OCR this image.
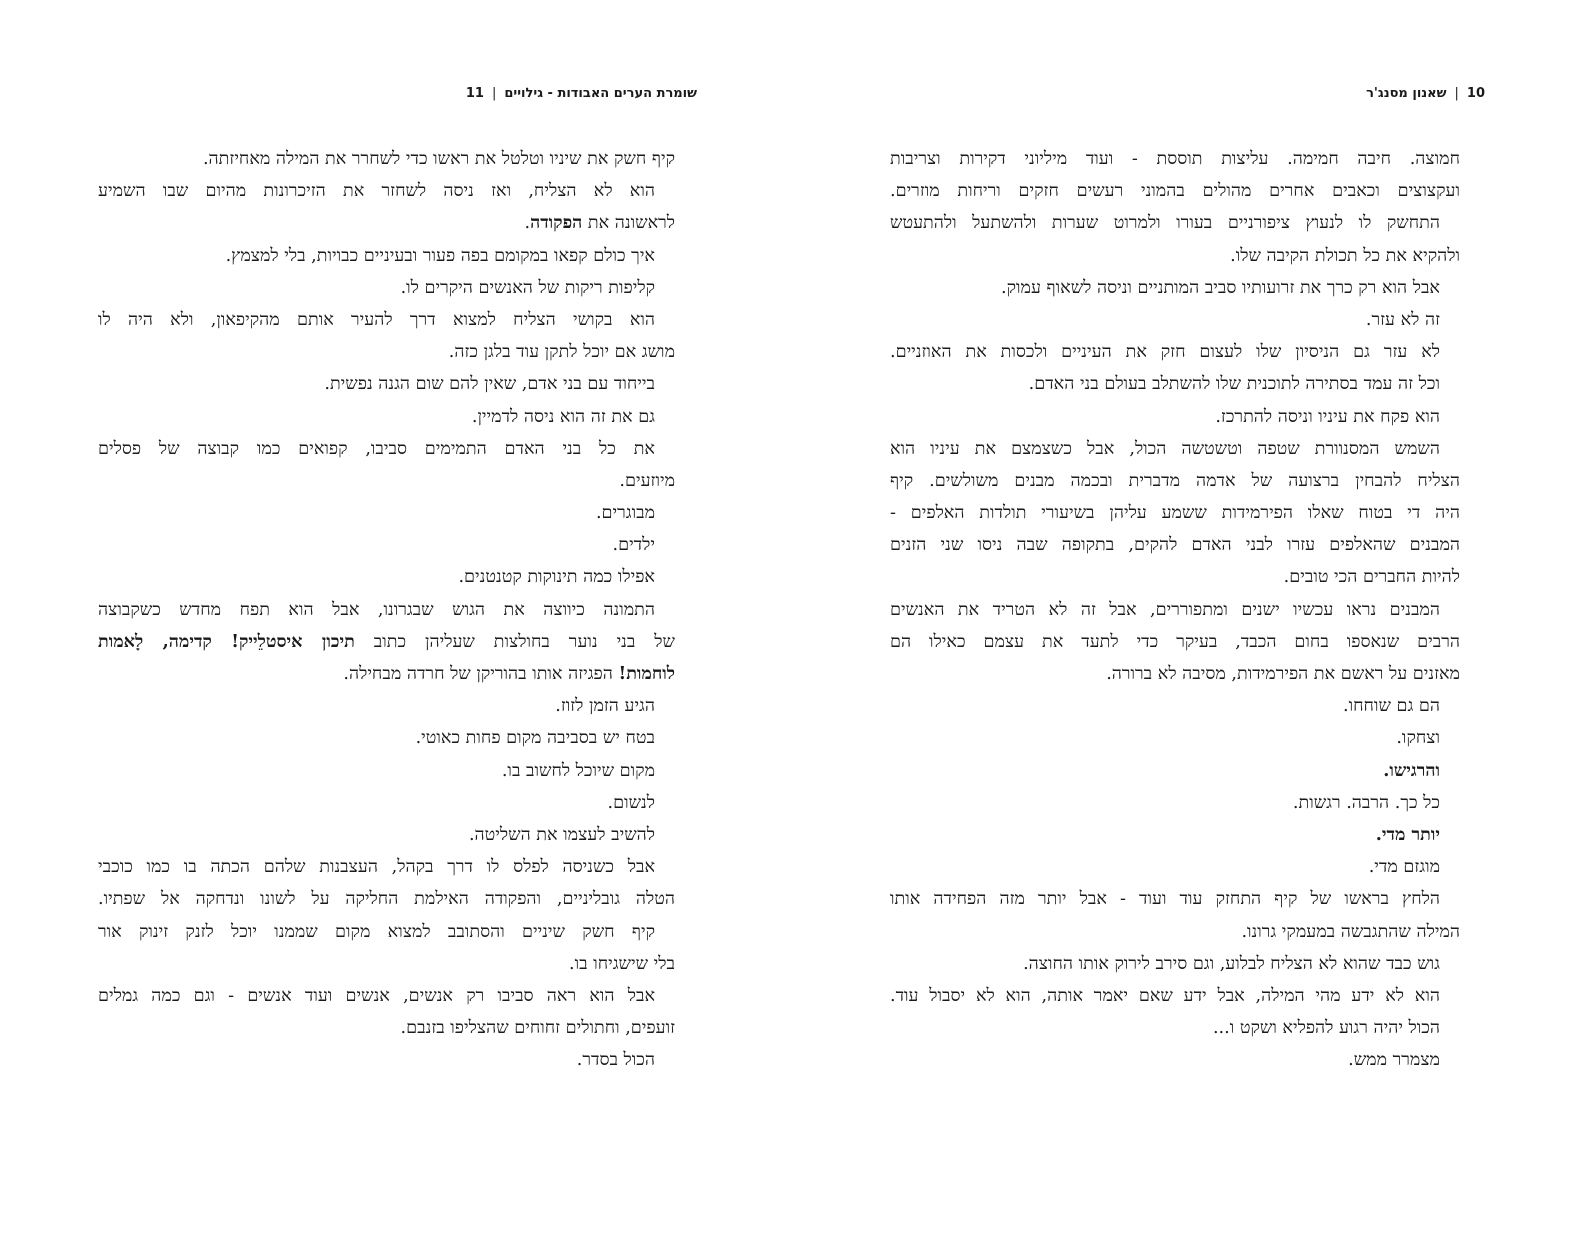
שומרת הערים האבודות - גילויים|11
קיף חשק את שיניו וטלטל את ראשו כדי לשחרר את המילה מאחיזתה.
הוא לא הצליח, ואז ניסה לשחזר את הזיכרונות מהיום שבו השמיע
לראשונה את הפקודה.
איך כולם קפאו במקומם בפה פעור ובעיניים כבויות, בלי למצמץ.
קליפות ריקות של האנשים היקרים לו.
הוא בקושי הצליח למצוא דרך להעיר אותם מהקיפאון, ולא היה לו
מושג אם יוכל לתקן עוד בלגן כזה.
בייחוד עם בני אדם, שאין להם שום הגנה נפשית.
גם את זה הוא ניסה לדמיין.
את כל בני האדם התמימים סביבו, קפואים כמו קבוצה של פסלים
מיוזעים.
מבוגרים.
ילדים.
אפילו כמה תינוקות קטנטנים.
התמונה כיווצה את הגוש שבגרונו, אבל הוא תפח מחדש כשקבוצה
של בני נוער בחולצות שעליהן כתוב תיכון איסטלֵייק! קדימה, לָאמות
לוחמות! הפגיזה אותו בהוריקן של חרדה מבחילה.
הגיע הזמן לזוז.
בטח יש בסביבה מקום פחות כאוטי.
מקום שיוכל לחשוב בו.
לנשום.
להשיב לעצמו את השליטה.
אבל כשניסה לפלס לו דרך בקהל, העצבנות שלהם הכתה בו כמו כוכבי
הטלה גובליניים, והפקודה האילמת החליקה על לשונו ונדחקה אל שפתיו.
קיף חשק שיניים והסתובב למצוא מקום שממנו יוכל לזנק זינוק אור
בלי שישגיחו בו.
אבל הוא ראה סביבו רק אנשים, אנשים ועוד אנשים - וגם כמה גמלים
זועפים, וחתולים זחוחים שהצליפו בזנבם.
הכול בסדר.
10|שאנון מסנג'ר
חמוצה. חיבה חמימה. עליצות תוססת - ועוד מיליוני דקירות וצריבות
ועקצוצים וכאבים אחרים מהולים בהמוני רעשים חזקים וריחות מוזרים.
התחשק לו לנעוץ ציפורניים בעורו ולמרוט שערות ולהשתעל ולהתעטש
ולהקיא את כל תכולת הקיבה שלו.
אבל הוא רק כרך את זרועותיו סביב המותניים וניסה לשאוף עמוק.
זה לא עזר.
לא עזר גם הניסיון שלו לעצום חזק את העיניים ולכסות את האוזניים.
וכל זה עמד בסתירה לתוכנית שלו להשתלב בעולם בני האדם.
הוא פקח את עיניו וניסה להתרכז.
השמש המסנוורת שטפה וטשטשה הכול, אבל כשצמצם את עיניו הוא
הצליח להבחין ברצועה של אדמה מדברית ובכמה מבנים משולשים. קיף
היה די בטוח שאלו הפירמידות ששמע עליהן בשיעורי תולדות האלפים -
המבנים שהאלפים עזרו לבני האדם להקים, בתקופה שבה ניסו שני הזנים
להיות החברים הכי טובים.
המבנים נראו עכשיו ישנים ומתפוררים, אבל זה לא הטריד את האנשים
הרבים שנאספו בחום הכבד, בעיקר כדי לתעד את עצמם כאילו הם
מאזנים על ראשם את הפירמידות, מסיבה לא ברורה.
הם גם שוחחו.
וצחקו.
והרגישו.
כל כך. הרבה. רגשות.
יותר מדי.
מוגזם מדי.
הלחץ בראשו של קיף התחזק עוד ועוד - אבל יותר מזה הפחידה אותו
המילה שהתגבשה במעמקי גרונו.
גוש כבד שהוא לא הצליח לבלוע, וגם סירב לירוק אותו החוצה.
הוא לא ידע מהי המילה, אבל ידע שאם יאמר אותה, הוא לא יסבול עוד.
הכול יהיה רגוע להפליא ושקט ו...
מצמרר ממש.
